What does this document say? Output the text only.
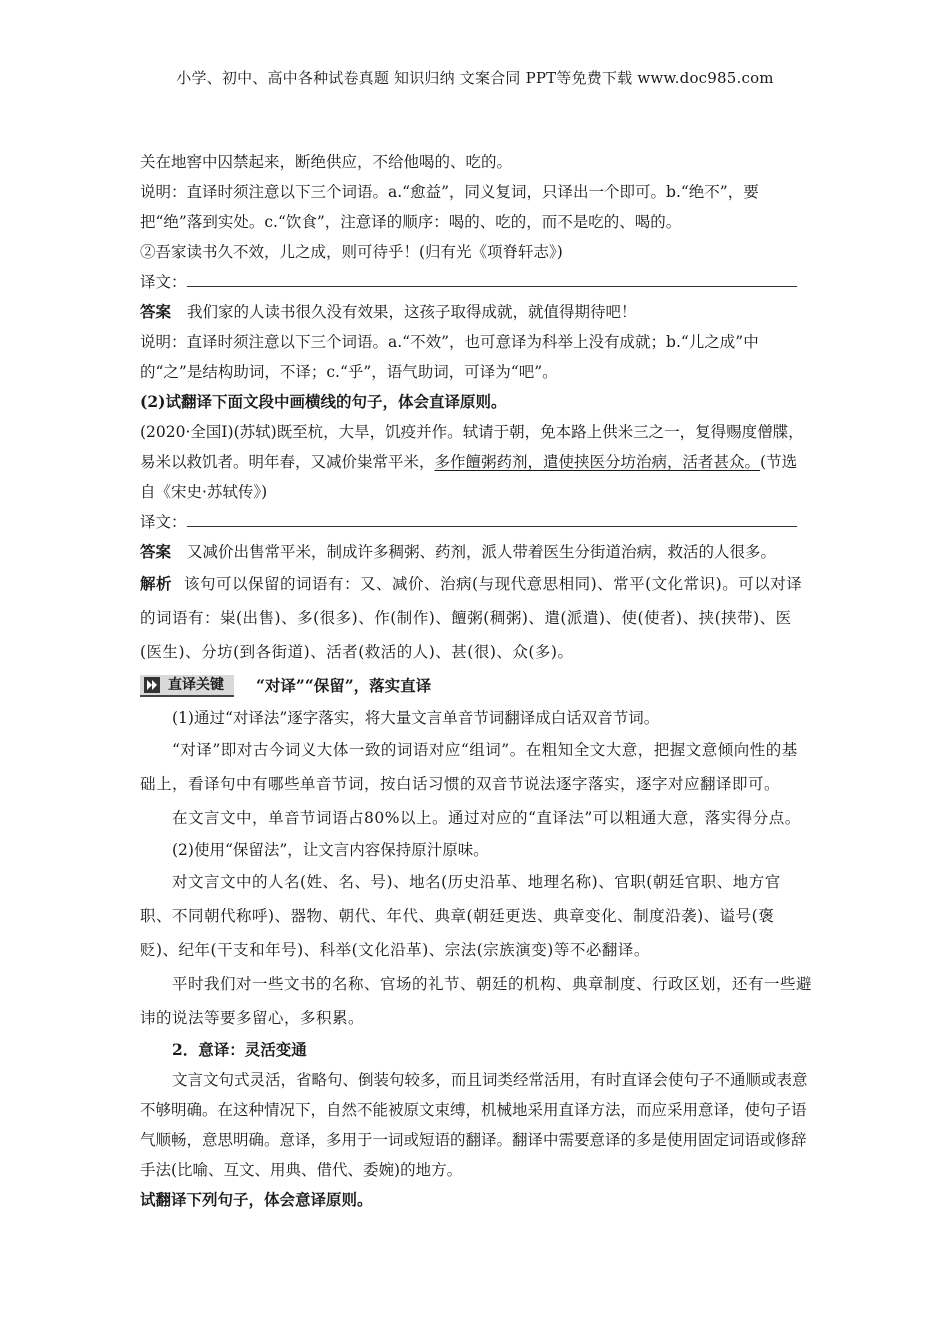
小学、初中、高中各种试卷真题 知识归纳 文案合同 PPT等免费下载 www.doc985.com

关在地窖中囚禁起来，断绝供应，不给他喝的、吃的。

说明：直译时须注意以下三个词语。a.“愈益”，同义复词，只译出一个即可。b.“绝不”，要把“绝”落到实处。c.“饮食”，注意译的顺序：喝的、吃的，而不是吃的、喝的。

②吾家读书久不效，儿之成，则可待乎！(归有光《项脊轩志》)

译文：

答案 我们家的人读书很久没有效果，这孩子取得成就，就值得期待吧！

说明：直译时须注意以下三个词语。a.“不效”，也可意译为科举上没有成就；b.“儿之成”中的“之”是结构助词，不译；c.“乎”，语气助词，可译为“吧”。

(2)试翻译下面文段中画横线的句子，体会直译原则。

(2020·全国Ⅰ)(苏轼)既至杭，大旱，饥疫并作。轼请于朝，免本路上供米三之一，复得赐度僧牒，易米以救饥者。明年春，又减价粜常平米，多作饘粥药剂，遣使挟医分坊治病，活者甚众。(节选自《宋史·苏轼传》)

译文：

答案 又减价出售常平米，制成许多稠粥、药剂，派人带着医生分街道治病，救活的人很多。

解析 该句可以保留的词语有：又、减价、治病(与现代意思相同)、常平(文化常识)。可以对译的词语有：粜(出售)、多(很多)、作(制作)、饘粥(稠粥)、遣(派遣)、使(使者)、挟(挟带)、医(医生)、分坊(到各街道)、活者(救活的人)、甚(很)、众(多)。

直译关键 “对译”“保留”，落实直译

(1)通过“对译法”逐字落实，将大量文言单音节词翻译成白话双音节词。

“对译”即对古今词义大体一致的词语对应“组词”。在粗知全文大意，把握文意倾向性的基础上，看译句中有哪些单音节词，按白话习惯的双音节说法逐字落实，逐字对应翻译即可。

在文言文中，单音节词语占80%以上。通过对应的“直译法”可以粗通大意，落实得分点。

(2)使用“保留法”，让文言内容保持原汁原味。

对文言文中的人名(姓、名、号)、地名(历史沿革、地理名称)、官职(朝廷官职、地方官职、不同朝代称呼)、器物、朝代、年代、典章(朝廷更迭、典章变化、制度沿袭)、谥号(褒贬)、纪年(干支和年号)、科举(文化沿革)、宗法(宗族演变)等不必翻译。

平时我们对一些文书的名称、官场的礼节、朝廷的机构、典章制度、行政区划，还有一些避讳的说法等要多留心，多积累。

2．意译：灵活变通

文言文句式灵活，省略句、倒装句较多，而且词类经常活用，有时直译会使句子不通顺或表意不够明确。在这种情况下，自然不能被原文束缚，机械地采用直译方法，而应采用意译，使句子语气顺畅，意思明确。意译，多用于一词或短语的翻译。翻译中需要意译的多是使用固定词语或修辞手法(比喻、互文、用典、借代、委婉)的地方。

试翻译下列句子，体会意译原则。
